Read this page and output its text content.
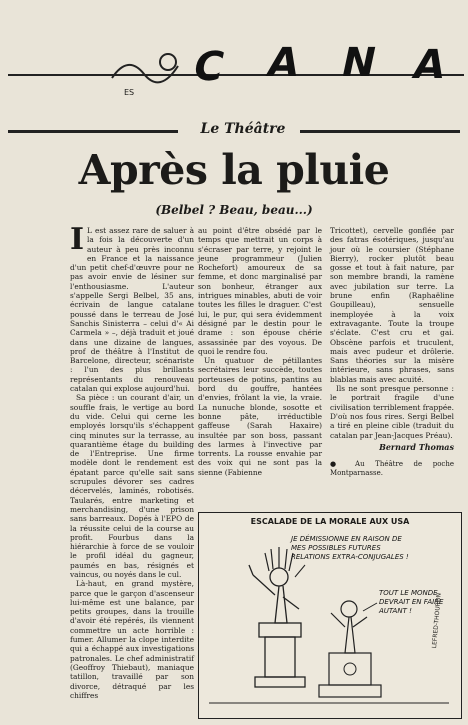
C A N A
ES
Le Théâtre
Après la pluie
(Belbel ? Beau, beau...)
I L est assez rare de saluer à la fois la découverte d'un auteur à peu près inconnu en France et la naissance d'un petit chef-d'œuvre pour ne pas avoir envie de lésiner sur l'enthousiasme. L'auteur s'appelle Sergi Belbel, 35 ans, écrivain de langue catalane poussé dans le terreau de José Sanchis Sinisterra – celui d'« Ai Carmela » –, déjà traduit et joué dans une dizaine de langues, prof de théâtre à l'Institut de Barcelone, directeur, scénariste : l'un des plus brillants représentants du renouveau catalan qui explose aujourd'hui.

Sa pièce : un courant d'air, un souffle frais, le vertige au bord du vide. Celui qui cerne les employés lorsqu'ils s'échappent cinq minutes sur la terrasse, au quarantième étage du building de l'Entreprise. Une firme modèle dont le rendement est épatant parce qu'elle sait sans scrupules dévorer ses cadres décervelés, laminés, robotisés. Taularés, entre marketing et merchandising, d'une prison sans barreaux. Dopés à l'EPO de la réussite celui de la course au profit. Fourbus dans la hiérarchie à force de se vouloir le profil idéal du gagneur, paumés en bas, résignés et vaincus, ou noyés dans le cul.

Là-haut, en grand mystère, parce que le garçon d'ascenseur lui-même est une balance, par petits groupes, dans la trouille d'avoir été repérés, ils viennent commettre un acte horrible : fumer. Allumer la clope interdite qui a échappé aux investigations patronales. Le chef administratif (Geoffroy Thiebaut), maniaque tatillon, travaillé par son divorce, détraqué par les chiffres

au point d'être obsédé par le temps que mettrait un corps à s'écraser par terre, y rejoint le jeune programmeur (Julien Rochefort) amoureux de sa femme, et donc marginalisé par son bonheur, étranger aux intrigues minables, abuti de voir toutes les filles le draguer. C'est lui, le pur, qui sera évidemment désigné par le destin pour le drame : son épouse chérie assassinée par des voyous. De quoi le rendre fou.

Un quatuor de pétillantes secrétaires leur succède, toutes porteuses de potins, pantins au bord du gouffre, hantées d'envies, frôlant la vie, la vraie. La nunuche blonde, sosotte et bonne pâte, irréductible gaffeuse (Sarah Haxaire) insultée par son boss, passant des larmes à l'invective par torrents. La rousse envahie par des voix qui ne sont pas la sienne (Fabienne

Tricottet), cervelle gonflée par des fatras ésotériques, jusqu'au jour où le coursier (Stéphane Bierry), rocker plutôt beau gosse et tout à fait nature, par son membre brandi, la ramène avec jubilation sur terre. La brune enfin (Raphaëline Goupilleau), sensuelle inemployée à la voix extravagante. Toute la troupe s'éclate. C'est cru et gai. Obscène parfois et truculent, mais avec pudeur et drôlerie. Sans théories sur la misère intérieure, sans phrases, sans blablas mais avec acuité.

Ils ne sont presque personne : le portrait fragile d'une civilisation terriblement frappée. D'où nos fous rires. Sergi Belbel a tiré en pleine cible (traduit du catalan par Jean-Jacques Préau).

Bernard Thomas
● Au Théâtre de poche Montparnasse.
ESCALADE DE LA MORALE AUX USA
JE DÉMISSIONNE EN RAISON DE MES POSSIBLES FUTURES RELATIONS EXTRA-CONJUGALES !
TOUT LE MONDE DEVRAIT EN FAIRE AUTANT !	LEFRED-THOURON
